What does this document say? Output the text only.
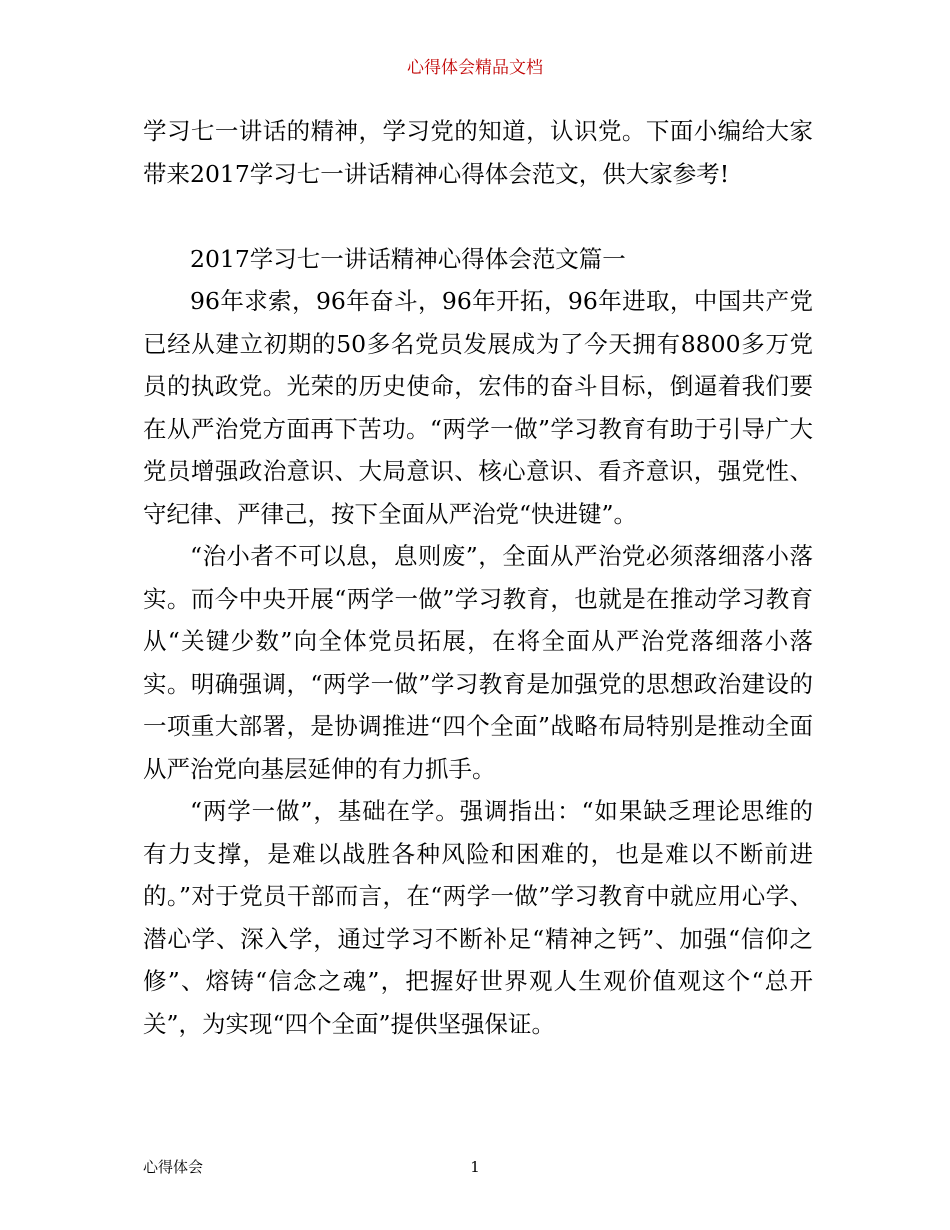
心得体会精品文档

学习七一讲话的精神，学习党的知道，认识党。下面小编给大家带来2017学习七一讲话精神心得体会范文，供大家参考!

2017学习七一讲话精神心得体会范文篇一

96年求索，96年奋斗，96年开拓，96年进取，中国共产党已经从建立初期的50多名党员发展成为了今天拥有8800多万党员的执政党。光荣的历史使命，宏伟的奋斗目标，倒逼着我们要在从严治党方面再下苦功。“两学一做”学习教育有助于引导广大党员增强政治意识、大局意识、核心意识、看齐意识，强党性、守纪律、严律己，按下全面从严治党“快进键”。

“治小者不可以息，息则废”，全面从严治党必须落细落小落实。而今中央开展“两学一做”学习教育，也就是在推动学习教育从“关键少数”向全体党员拓展，在将全面从严治党落细落小落实。明确强调，“两学一做”学习教育是加强党的思想政治建设的一项重大部署，是协调推进“四个全面”战略布局特别是推动全面从严治党向基层延伸的有力抓手。

“两学一做”，基础在学。强调指出：“如果缺乏理论思维的有力支撑，是难以战胜各种风险和困难的，也是难以不断前进的。”对于党员干部而言，在“两学一做”学习教育中就应用心学、潜心学、深入学，通过学习不断补足“精神之钙”、加强“信仰之修”、熔铸“信念之魂”，把握好世界观人生观价值观这个“总开关”，为实现“四个全面”提供坚强保证。

心得体会	1
